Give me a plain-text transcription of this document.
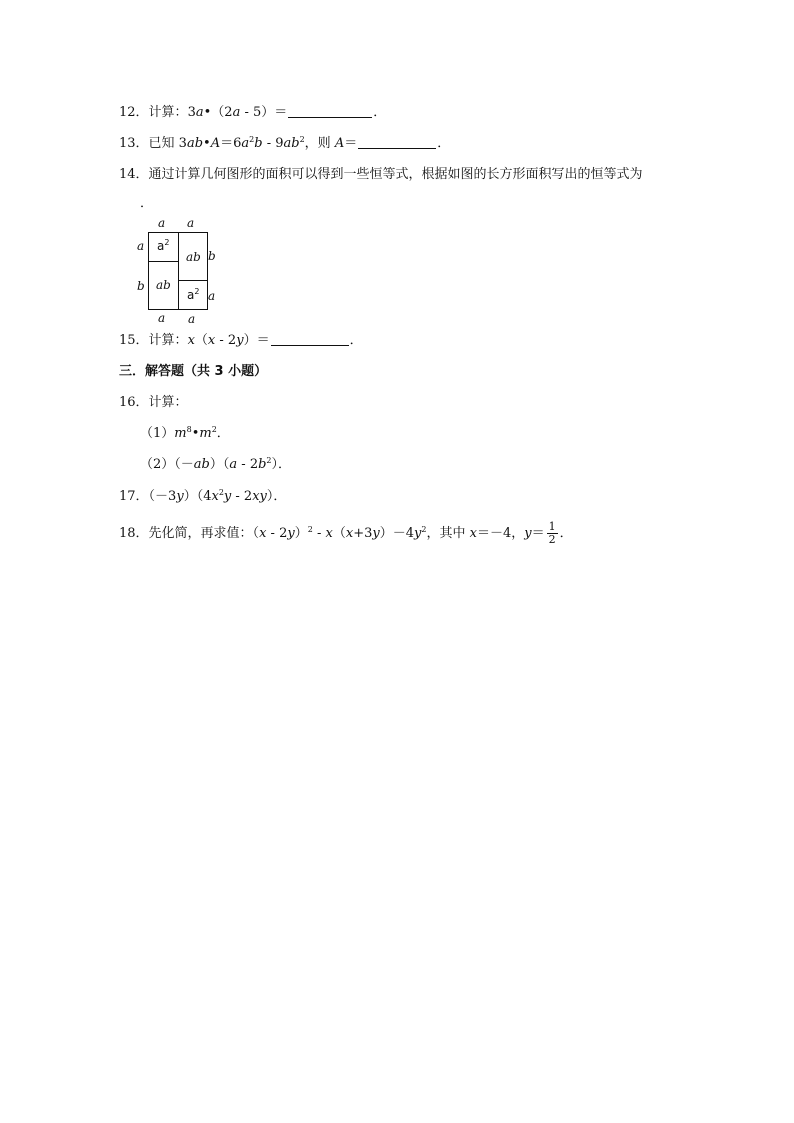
12．计算：3a•（2a - 5）＝	．
13．已知 $3ab•A=6a^2b - 9ab^2$，则 A＝	．
14．通过计算几何图形的面积可以得到一些恒等式，根据如图的长方形面积写出的恒等式为
．
a a
a
b
b
a
$a^2$
ab
ab
$a^2$
a a
15．计算：x（x - 2y）＝	．
三．解答题（共 3 小题）
16．计算：
$(1)m^8•m^2$．
$(2)(-ab)(a - 2b^2)$．
17．$(-3y)(4x^2y - 2xy)$．
18．先化简，再求值：$(x - 2y)^2 - x(x+3y)-4y^2$，其中 x＝－4，$y= \frac{1}{2}$ ．
